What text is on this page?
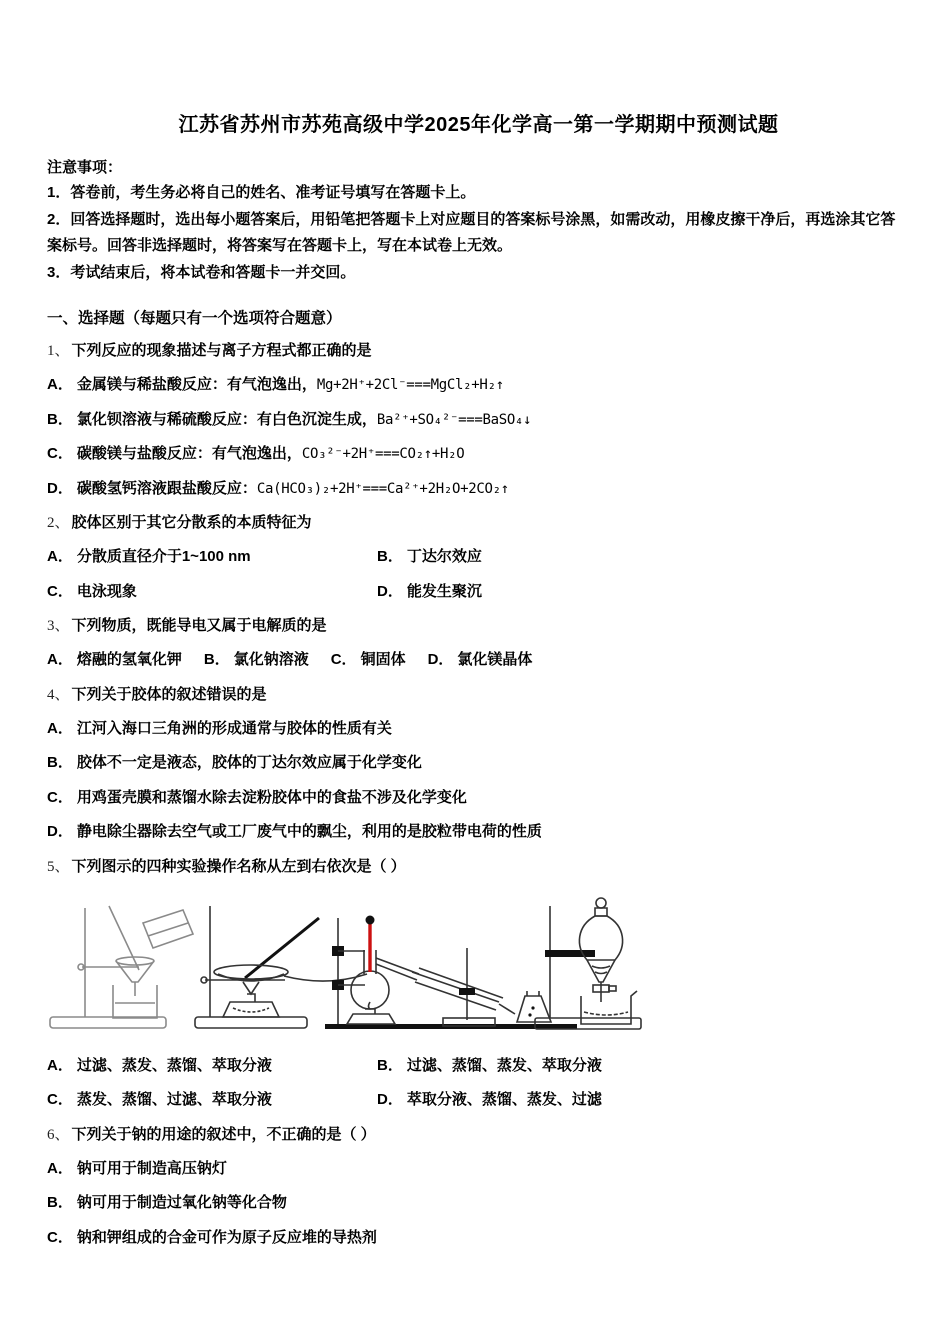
江苏省苏州市苏苑高级中学2025年化学高一第一学期期中预测试题
注意事项：
1．答卷前，考生务必将自己的姓名、准考证号填写在答题卡上。
2．回答选择题时，选出每小题答案后，用铅笔把答题卡上对应题目的答案标号涂黑，如需改动，用橡皮擦干净后，再选涂其它答案标号。回答非选择题时，将答案写在答题卡上，写在本试卷上无效。
3．考试结束后，将本试卷和答题卡一并交回。
一、选择题（每题只有一个选项符合题意）
1、 下列反应的现象描述与离子方程式都正确的是
A． 金属镁与稀盐酸反应：有气泡逸出，Mg+2H⁺+2Cl⁻===MgCl₂+H₂↑
B． 氯化钡溶液与稀硫酸反应：有白色沉淀生成，Ba²⁺+SO₄²⁻===BaSO₄↓
C． 碳酸镁与盐酸反应：有气泡逸出，CO₃²⁻+2H⁺===CO₂↑+H₂O
D． 碳酸氢钙溶液跟盐酸反应：Ca(HCO₃)₂+2H⁺===Ca²⁺+2H₂O+2CO₂↑
2、 胶体区别于其它分散系的本质特征为
A． 分散质直径介于1~100 nm	B． 丁达尔效应
C． 电泳现象	D． 能发生聚沉
3、 下列物质，既能导电又属于电解质的是
A． 熔融的氢氧化钾 B． 氯化钠溶液 C． 铜固体 D． 氯化镁晶体
4、 下列关于胶体的叙述错误的是
A． 江河入海口三角洲的形成通常与胶体的性质有关
B． 胶体不一定是液态，胶体的丁达尔效应属于化学变化
C． 用鸡蛋壳膜和蒸馏水除去淀粉胶体中的食盐不涉及化学变化
D． 静电除尘器除去空气或工厂废气中的飘尘，利用的是胶粒带电荷的性质
5、 下列图示的四种实验操作名称从左到右依次是（ ）
A． 过滤、蒸发、蒸馏、萃取分液	B． 过滤、蒸馏、蒸发、萃取分液
C． 蒸发、蒸馏、过滤、萃取分液	D． 萃取分液、蒸馏、蒸发、过滤
6、 下列关于钠的用途的叙述中，不正确的是（ ）
A． 钠可用于制造高压钠灯
B． 钠可用于制造过氧化钠等化合物
C． 钠和钾组成的合金可作为原子反应堆的导热剂
